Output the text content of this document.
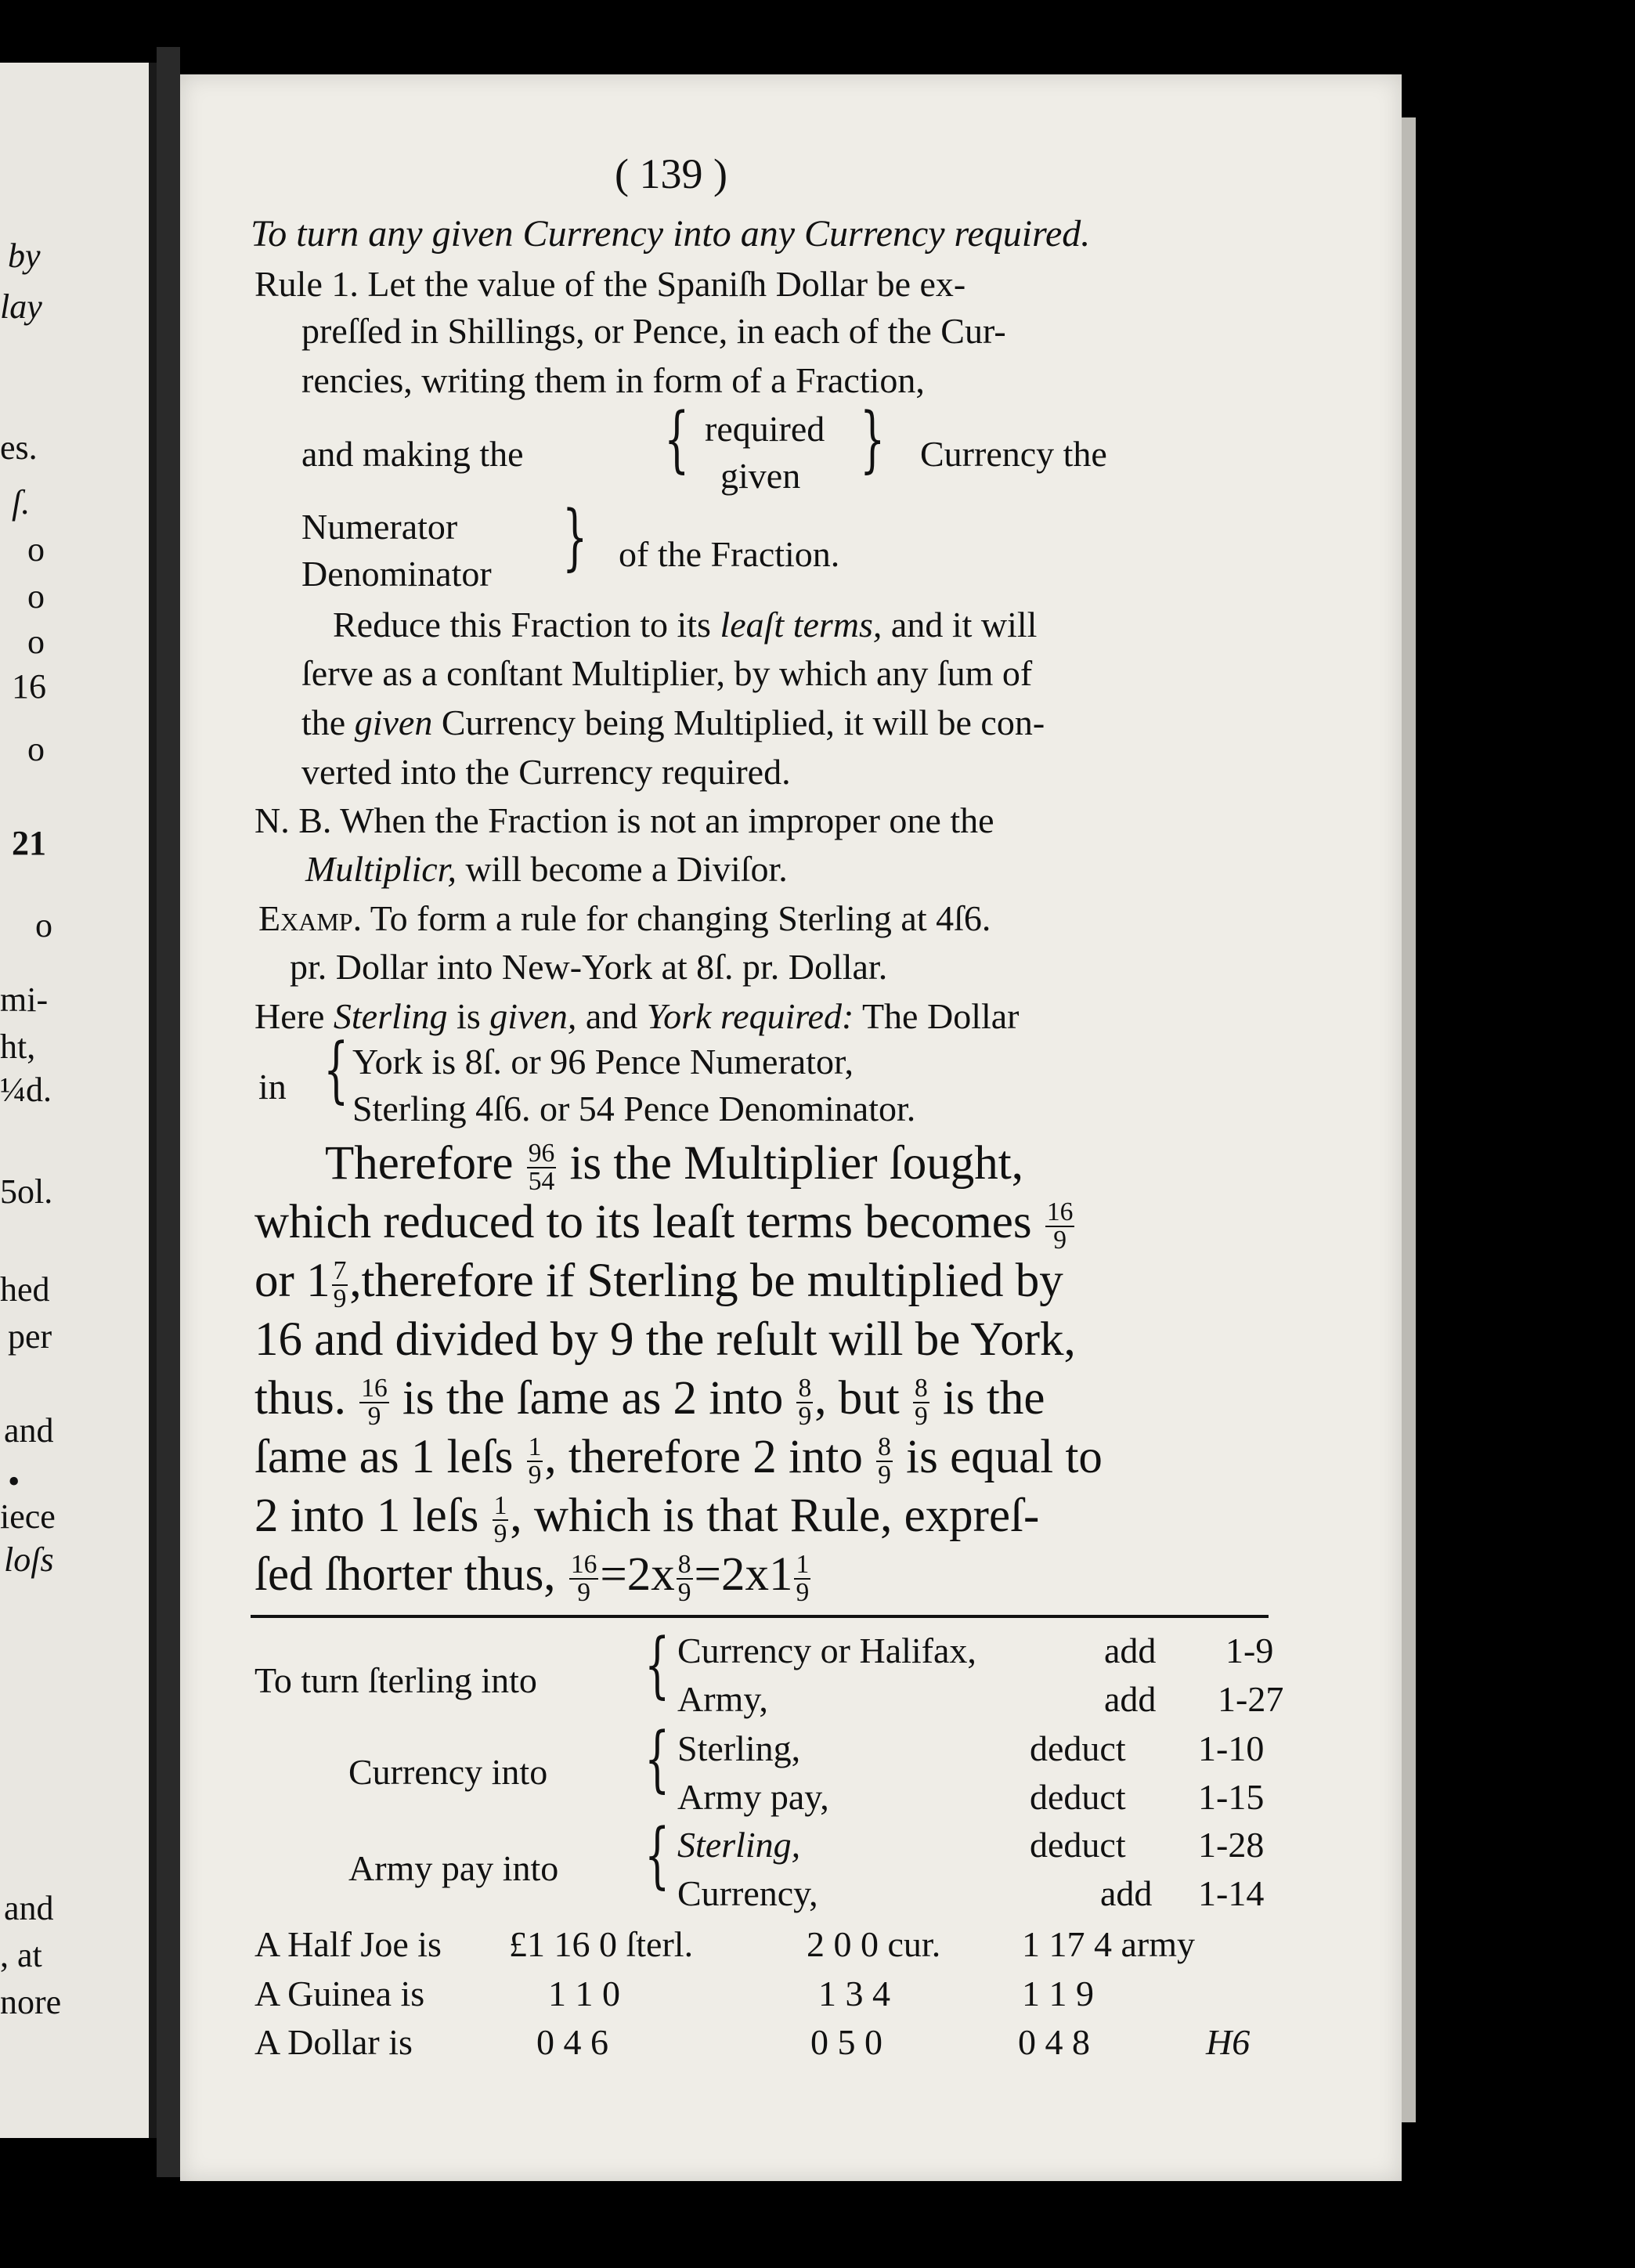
by
lay
es.
ſ.
o
o
o
16
o
21
o
mi-
ht,
¼d.
5ol.
hed
per
and
•
iece
loſs
and
, at
nore
( 139 )
To turn any given Currency into any Currency required.
Rule 1. Let the value of the Spaniſh Dollar be ex-
preſſed in Shillings, or Pence, in each of the Cur-
rencies, writing them in form of a Fraction,
and making the { required
given } Currency the
Numerator
Denominator } of the Fraction.
Reduce this Fraction to its leaſt terms, and it will
ſerve as a conſtant Multiplier, by which any ſum of
the given Currency being Multiplied, it will be con-
verted into the Currency required.
N. B. When the Fraction is not an improper one the
Multiplicr, will become a Diviſor.
Examp. To form a rule for changing Sterling at 4ſ6.
pr. Dollar into New-York at 8ſ. pr. Dollar.
Here Sterling is given, and York required: The Dollar
in { York is 8ſ. or 96 Pence Numerator,
Sterling 4ſ6. or 54 Pence Denominator.
Therefore $\frac{96}{54}$ is the Multiplier ſought,
which reduced to its leaſt terms becomes $\frac{16}{9}$
or $1 \frac{7}{9}$ ,therefore if Sterling be multiplied by
16 and divided by 9 the reſult will be York,
thus. $\frac{16}{9}$ is the ſame as 2 into $\frac{8}{9}$ , but $\frac{8}{9}$ is the
ſame as 1 leſs $\frac{1}{9}$ , therefore 2 into $\frac{8}{9}$ is equal to
2 into 1 leſs $\frac{1}{9}$ , which is that Rule, expreſ-
ſed ſhorter thus, $\frac{16}{9} =2x \frac{8}{9} =2x1 \frac{1}{9}$
To turn ſterling into { Currency or Halifax,	add 1-9
Army,	add 1-27
Currency into { Sterling,	deduct 1-10
Army pay,	deduct 1-15
Army pay into { Sterling,	deduct 1-28
Currency,	add 1-14
A Half Joe is £1 16 0 ſterl.	2 0 0 cur. 1 17 4 army
A Guinea is	1 1 0	1 3 4	1 1 9
A Dollar is	0 4 6	0 5 0	0 4 8	H6
